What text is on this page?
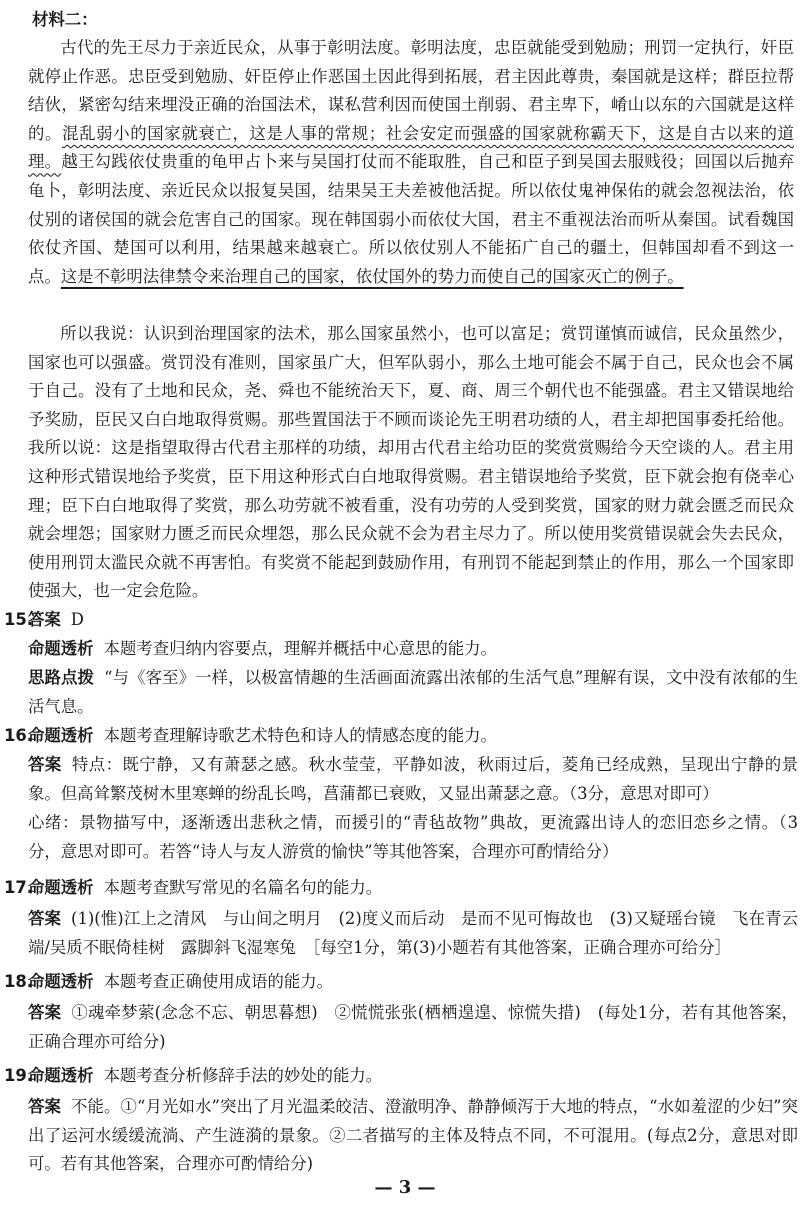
材料二：

古代的先王尽力于亲近民众，从事于彰明法度。彰明法度，忠臣就能受到勉励；刑罚一定执行，奸臣就停止作恶。忠臣受到勉励、奸臣停止作恶国土因此得到拓展，君主因此尊贵，秦国就是这样；群臣拉帮结伙，紧密勾结来埋没正确的治国法术，谋私营利因而使国土削弱、君主卑下，崤山以东的六国就是这样的。混乱弱小的国家就衰亡，这是人事的常规；社会安定而强盛的国家就称霸天下，这是自古以来的道理。越王勾践依仗贵重的龟甲占卜来与吴国打仗而不能取胜，自己和臣子到吴国去服贱役；回国以后抛弃龟卜，彰明法度、亲近民众以报复吴国，结果吴王夫差被他活捉。所以依仗鬼神保佑的就会忽视法治，依仗别的诸侯国的就会危害自己的国家。现在韩国弱小而依仗大国，君主不重视法治而听从秦国。试看魏国依仗齐国、楚国可以利用，结果越来越衰亡。所以依仗别人不能拓广自己的疆土，但韩国却看不到这一点。这是不彰明法律禁令来治理自己的国家，依仗国外的势力而使自己的国家灭亡的例子。

所以我说：认识到治理国家的法术，那么国家虽然小，也可以富足；赏罚谨慎而诚信，民众虽然少，国家也可以强盛。赏罚没有准则，国家虽广大，但军队弱小，那么土地可能会不属于自己，民众也会不属于自己。没有了土地和民众，尧、舜也不能统治天下，夏、商、周三个朝代也不能强盛。君主又错误地给予奖励，臣民又白白地取得赏赐。那些置国法于不顾而谈论先王明君功绩的人，君主却把国事委托给他。我所以说：这是指望取得古代君主那样的功绩，却用古代君主给功臣的奖赏赏赐给今天空谈的人。君主用这种形式错误地给予奖赏，臣下用这种形式白白地取得赏赐。君主错误地给予奖赏，臣下就会抱有侥幸心理；臣下白白地取得了奖赏，那么功劳就不被看重，没有功劳的人受到奖赏，国家的财力就会匮乏而民众就会埋怨；国家财力匮乏而民众埋怨，那么民众就不会为君主尽力了。所以使用奖赏错误就会失去民众，使用刑罚太滥民众就不再害怕。有奖赏不能起到鼓励作用，有刑罚不能起到禁止的作用，那么一个国家即使强大，也一定会危险。

15.

答案 D

命题透析 本题考查归纳内容要点，理解并概括中心意思的能力。

思路点拨 “与《客至》一样，以极富情趣的生活画面流露出浓郁的生活气息”理解有误，文中没有浓郁的生活气息。

16.

命题透析 本题考查理解诗歌艺术特色和诗人的情感态度的能力。

答案 特点：既宁静，又有萧瑟之感。秋水莹莹，平静如波，秋雨过后，菱角已经成熟，呈现出宁静的景象。但高耸繁茂树木里寒蝉的纷乱长鸣，菖蒲都已衰败，又显出萧瑟之意。（3分，意思对即可）

心绪：景物描写中，逐渐透出悲秋之情，而援引的“青毡故物”典故，更流露出诗人的恋旧恋乡之情。（3分，意思对即可。若答“诗人与友人游赏的愉快”等其他答案，合理亦可酌情给分）

17.

命题透析 本题考查默写常见的名篇名句的能力。

答案 (1)(惟)江上之清风　与山间之明月　(2)度义而后动　是而不见可悔故也　(3)又疑瑶台镜　飞在青云端/吴质不眠倚桂树　露脚斜飞湿寒兔　［每空1分，第(3)小题若有其他答案，正确合理亦可给分］

18.

命题透析 本题考查正确使用成语的能力。

答案 ①魂牵梦萦(念念不忘、朝思暮想)　②慌慌张张(栖栖遑遑、惊慌失措)　(每处1分，若有其他答案，正确合理亦可给分)

19.

命题透析 本题考查分析修辞手法的妙处的能力。

答案 不能。①“月光如水”突出了月光温柔皎洁、澄澈明净、静静倾泻于大地的特点，“水如羞涩的少妇”突出了运河水缓缓流淌、产生涟漪的景象。②二者描写的主体及特点不同，不可混用。(每点2分，意思对即可。若有其他答案，合理亦可酌情给分)

— 3 —
